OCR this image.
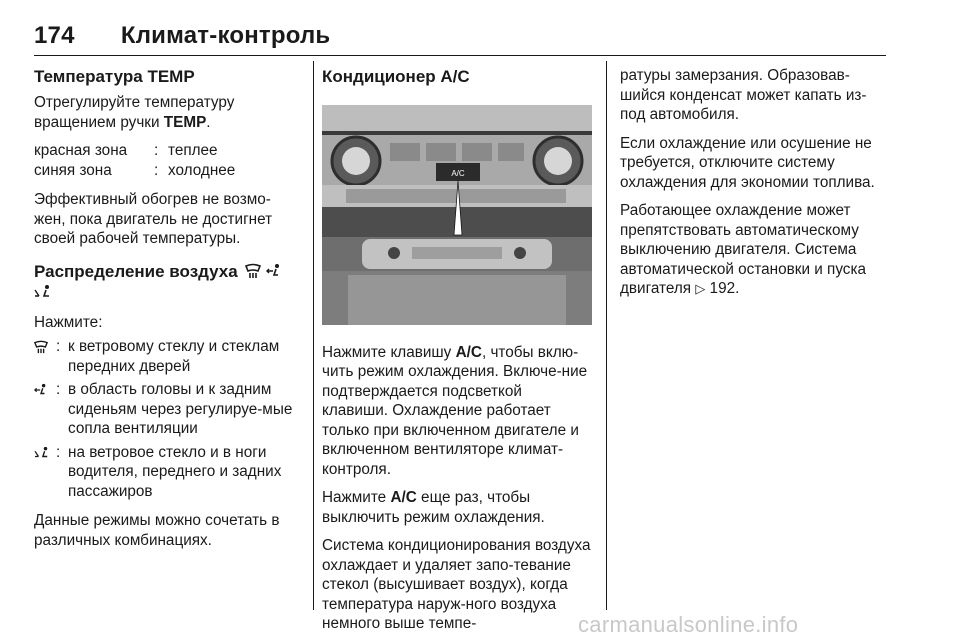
174 Климат-контроль
Температура TEMP

Отрегулируйте температуру вращением ручки TEMP.

красная зона	: теплее
синяя зона	: холоднее

Эффективный обогрев не возмо-жен, пока двигатель не достигнет своей рабочей температуры.

Распределение воздуха

Нажмите:

: к ветровому стеклу и стеклам передних дверей
: в область головы и к задним сиденьям через регулируе-мые сопла вентиляции
: на ветровое стекло и в ноги водителя, переднего и задних пассажиров

Данные режимы можно сочетать в различных комбинациях.

Кондиционер A/C
A/C

Нажмите клавишу A/C, чтобы вклю-чить режим охлаждения. Включе-ние подтверждается подсветкой клавиши. Охлаждение работает только при включенном двигателе и включенном вентиляторе климат-контроля.

Нажмите A/C еще раз, чтобы выключить режим охлаждения.

Система кондиционирования воздуха охлаждает и удаляет запо-тевание стекол (высушивает воздух), когда температура наруж-ного воздуха немного выше темпе-

ратуры замерзания. Образовав-шийся конденсат может капать из-под автомобиля.

Если охлаждение или осушение не требуется, отключите систему охлаждения для экономии топлива.

Работающее охлаждение может препятствовать автоматическому выключению двигателя. Система автоматической остановки и пуска двигателя ▷ 192.

carmanualsonline.info
